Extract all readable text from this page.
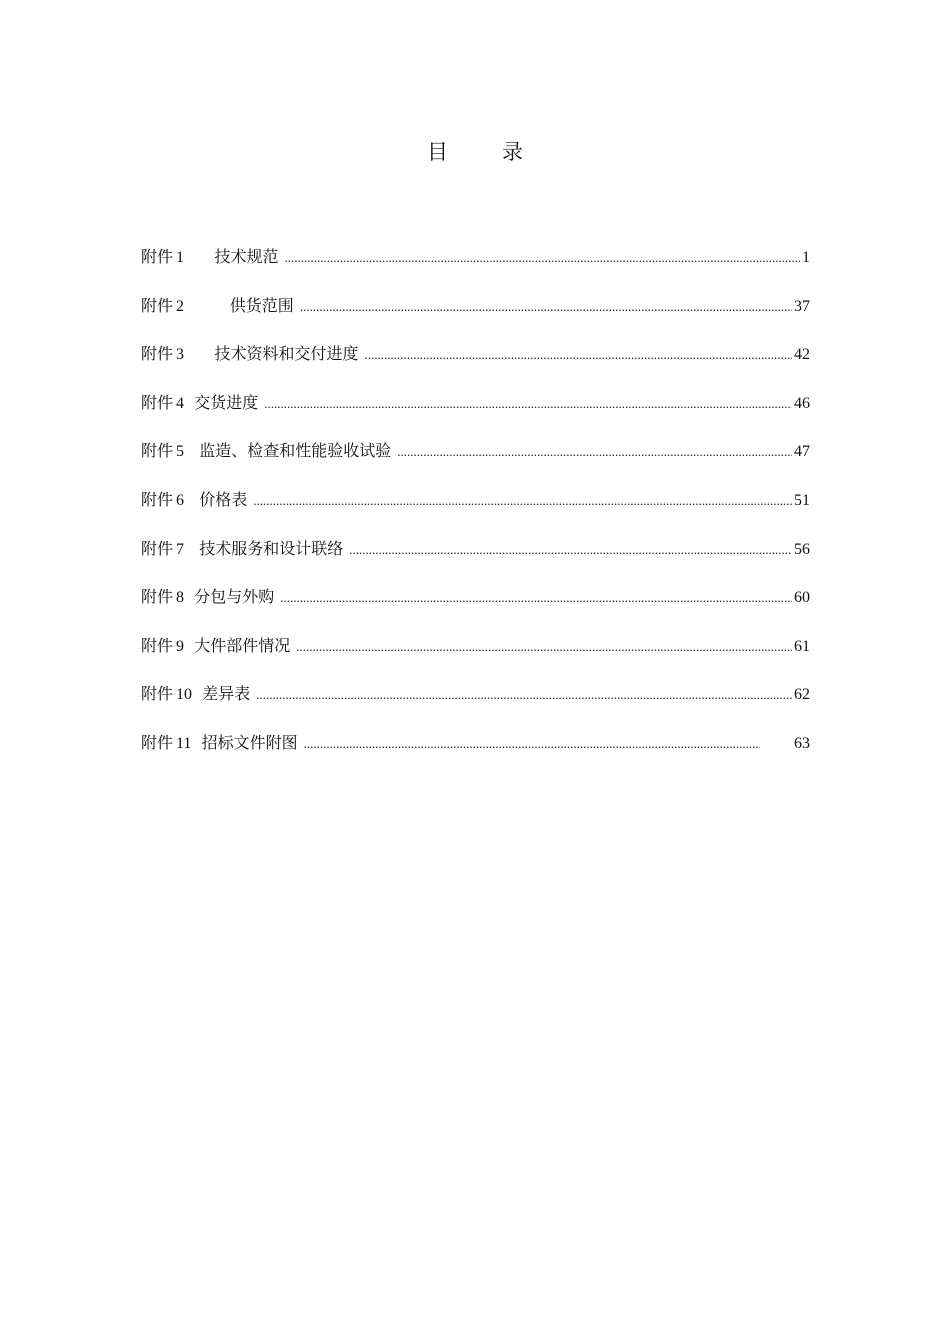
目	录
附件 1 技术规范 .....	1
附件 2	供货范围 .....	37
附件 3 技术资料和交付进度 .....	42
附件 4 交货进度 .....	46
附件 5 监造、检查和性能验收试验 .....	47
附件 6 价格表 .....	51
附件 7 技术服务和设计联络 .....	56
附件 8 分包与外购 .....	60
附件 9 大件部件情况 .....	61
附件 10 差异表 .....	62
附件 11 招标文件附图 .....	63
